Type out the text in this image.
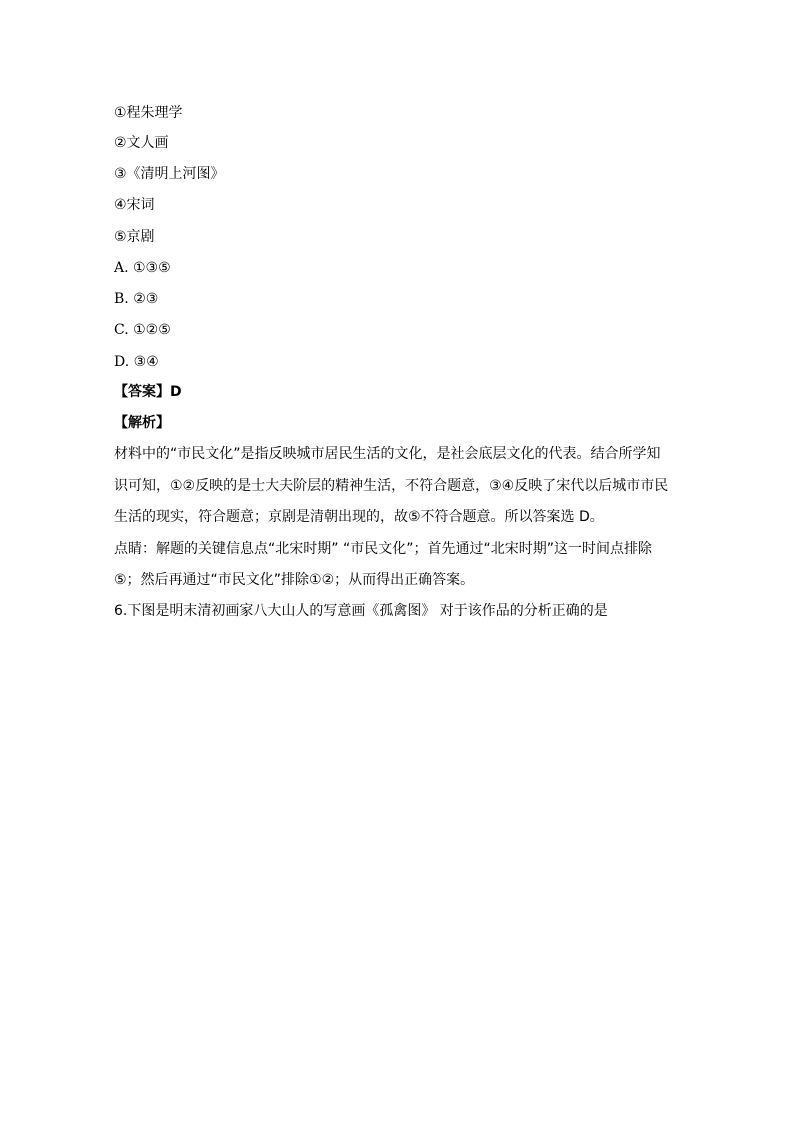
①程朱理学
②文人画
③《清明上河图》
④宋词
⑤京剧
A. ①③⑤
B. ②③
C. ①②⑤
D. ③④
【答案】D
【解析】
材料中的“市民文化”是指反映城市居民生活的文化，是社会底层文化的代表。结合所学知
识可知，①②反映的是士大夫阶层的精神生活，不符合题意，③④反映了宋代以后城市市民
生活的现实，符合题意；京剧是清朝出现的，故⑤不符合题意。所以答案选 D。
点睛：解题的关键信息点“北宋时期” “市民文化”；首先通过“北宋时期”这一时间点排除
⑤；然后再通过“市民文化”排除①②；从而得出正确答案。
6.下图是明末清初画家八大山人的写意画《孤禽图》 对于该作品的分析正确的是
